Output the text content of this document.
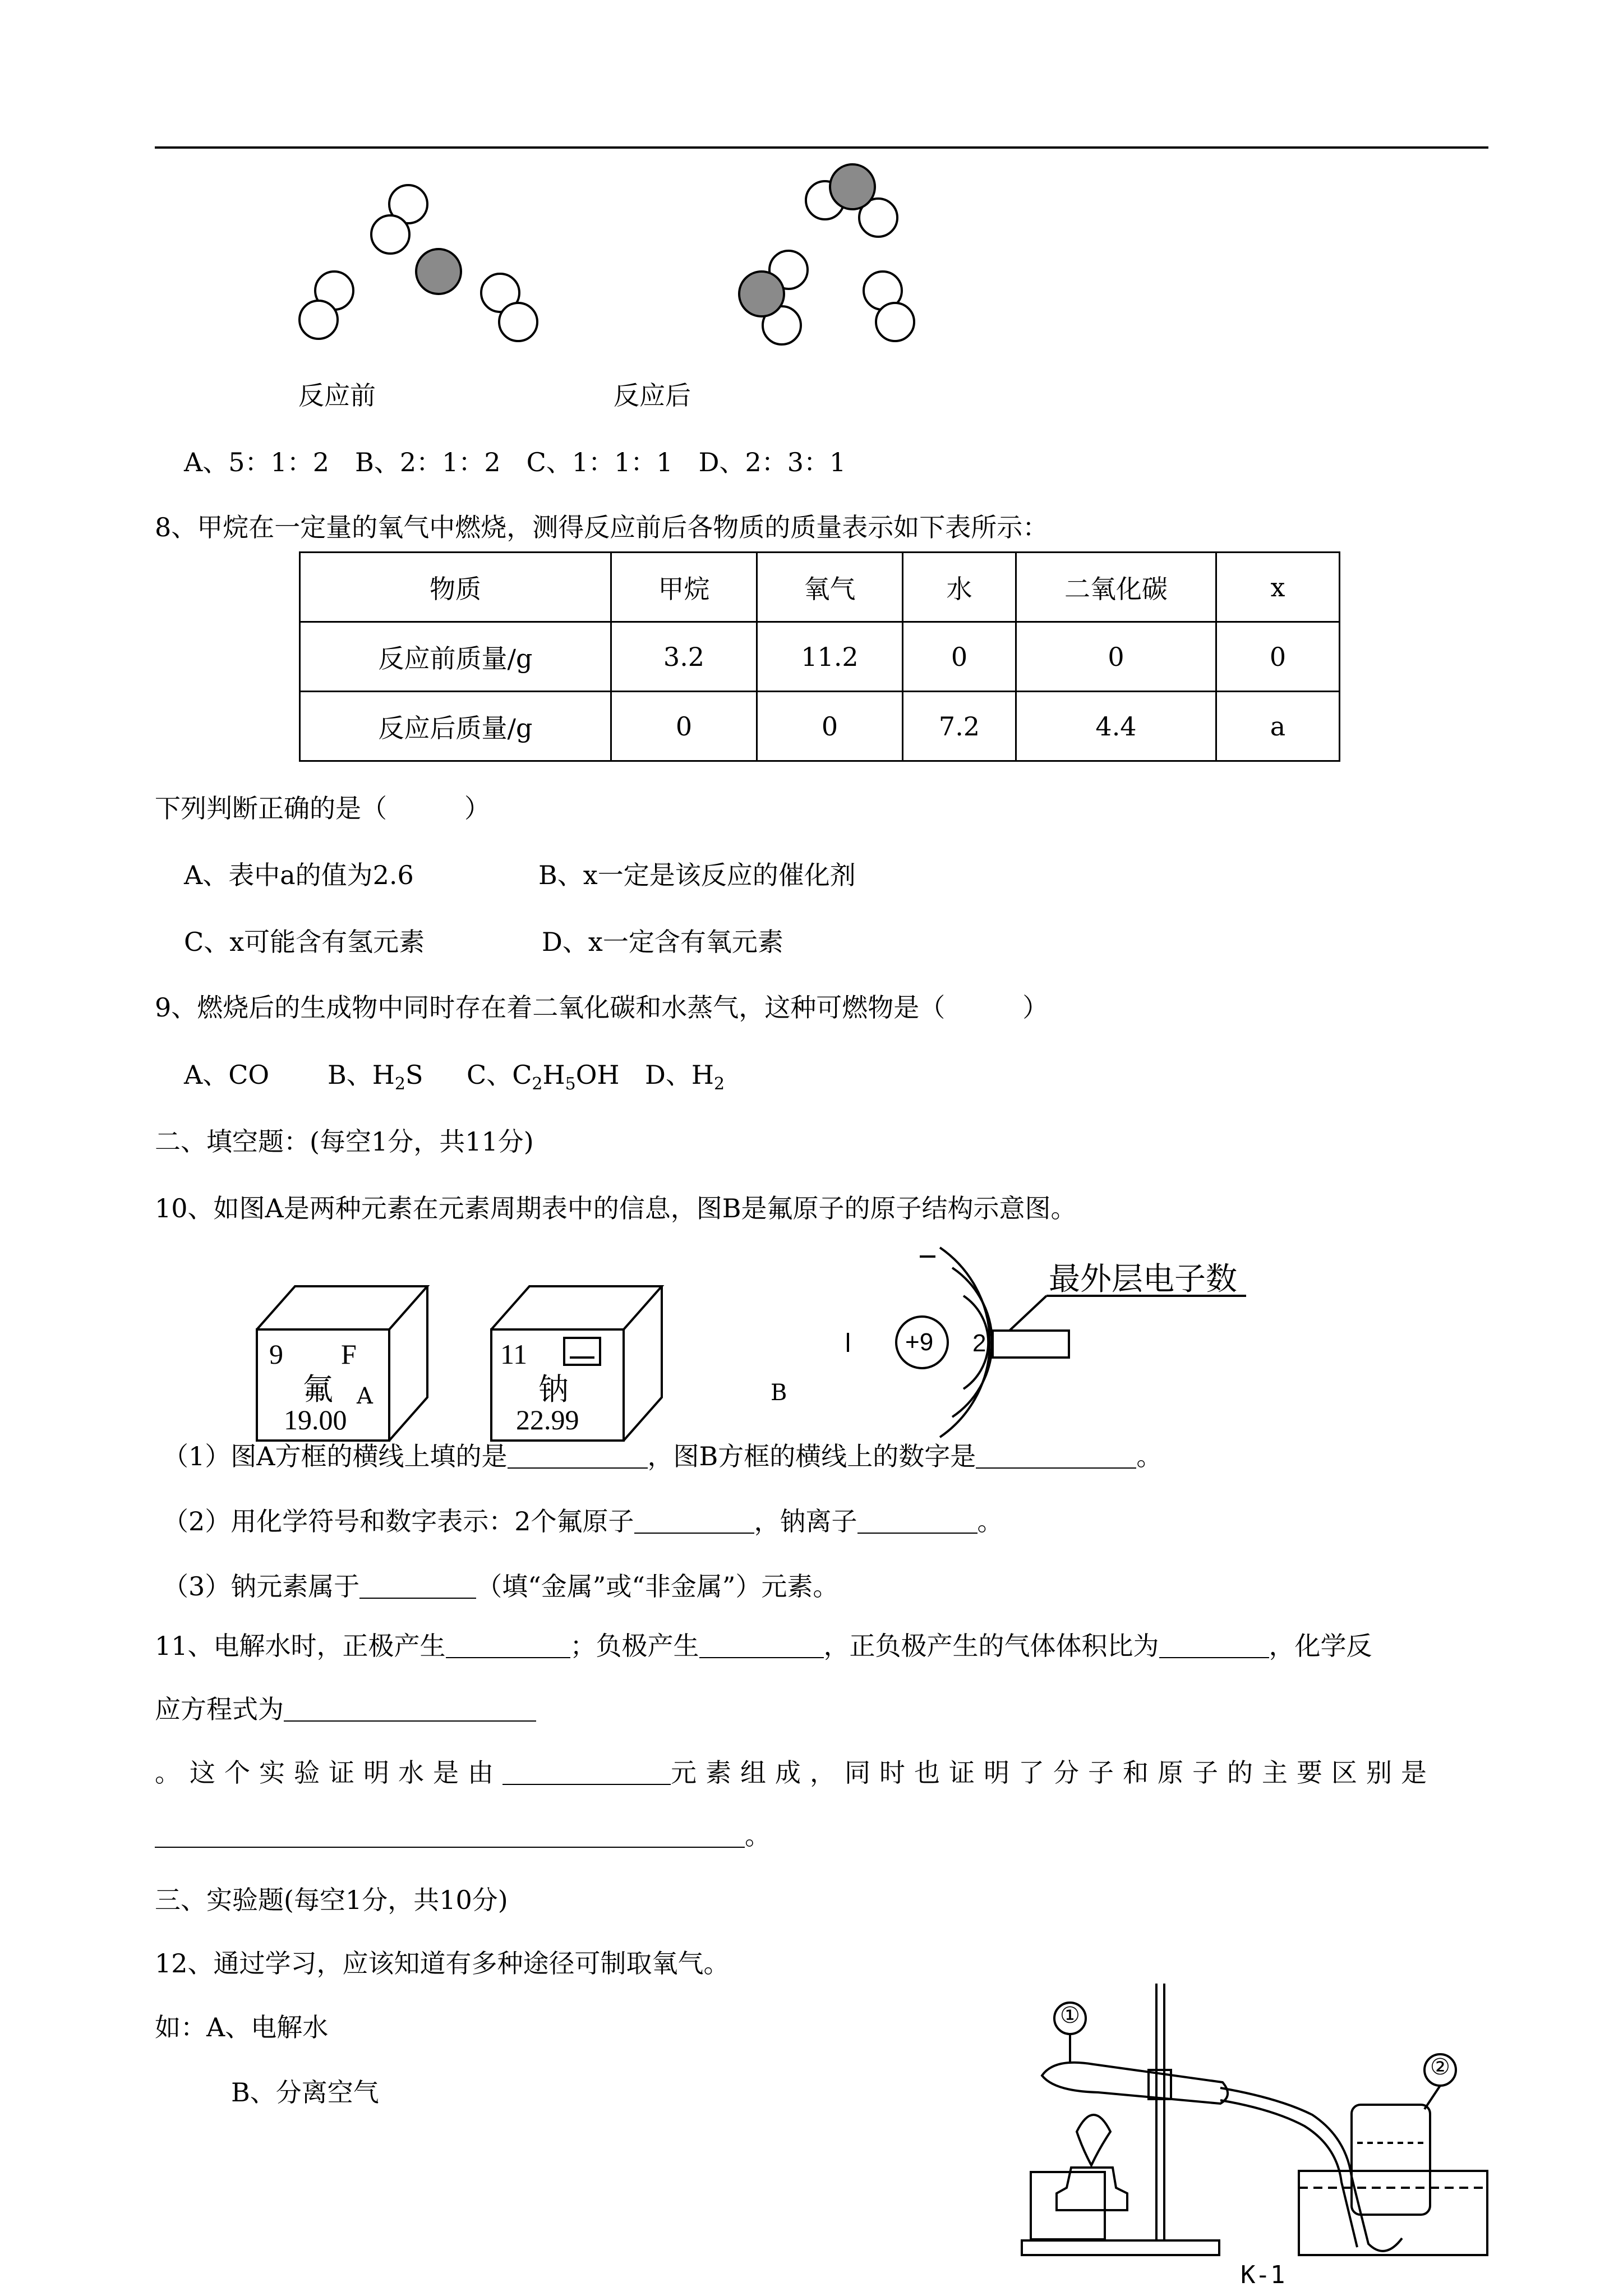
反应前	反应后
A、5：1：2　B、2：1：2　C、1：1：1　D、2：3：1
8、甲烷在一定量的氧气中燃烧，测得反应前后各物质的质量表示如下表所示：
物质	甲烷	氧气	水	二氧化碳	x
反应前质量/g	3.2	11.2	0	0	0
反应后质量/g	0	0	7.2	4.4	a
下列判断正确的是（　　　）
A、表中a的值为2.6	B、x一定是该反应的催化剂
C、x可能含有氢元素	D、x一定含有氧元素
9、燃烧后的生成物中同时存在着二氧化碳和水蒸气，这种可燃物是（　　　）
A、CO B、$H_2S$ C、$C_2H_5OH$ D、$H_2$
二、填空题：(每空1分，共11分)
10、如图A是两种元素在元素周期表中的信息，图B是氟原子的原子结构示意图。
9 F
氟
19.00
A
11
钠
22.99
B
+9 2
最外层电子数
（1）图A方框的横线上填的是	，图B方框的横线上的数字是	。
（2）用化学符号和数字表示：2个氟原子	，钠离子	。
（3）钠元素属于	（填“金属”或“非金属”）元素。
11、电解水时，正极产生	；负极产生	，正负极产生的气体体积比为	，化学反
应方程式为
。这个实验证明水是由	元素组成，同时也证明了分子和原子的主要区别是
。
三、实验题(每空1分，共10分)
12、通过学习，应该知道有多种途径可制取氧气。
如：A、电解水
B、分离空气
①
②
K-1
